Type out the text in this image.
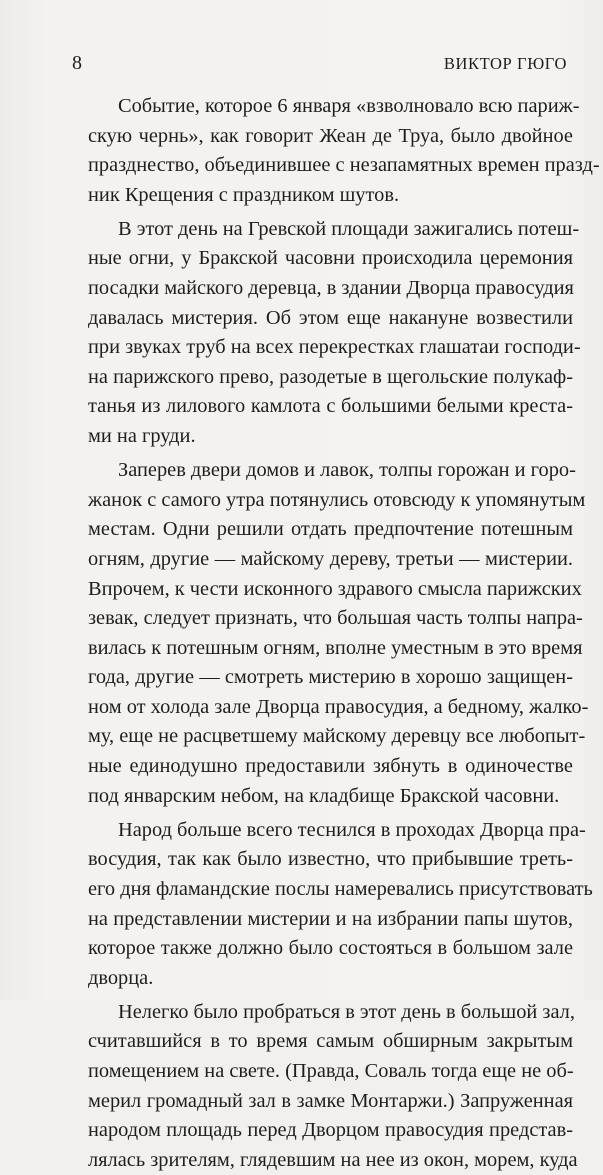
8	ВИКТОР ГЮГО

Событие, которое 6 января «взволновало всю париж-
скую чернь», как говорит Жеан де Труа, было двойное
празднество, объединившее с незапамятных времен празд-
ник Крещения с праздником шутов.

В этот день на Гревской площади зажигались потеш-
ные огни, у Бракской часовни происходила церемония
посадки майского деревца, в здании Дворца правосудия
давалась мистерия. Об этом еще накануне возвестили
при звуках труб на всех перекрестках глашатаи господи-
на парижского прево, разодетые в щегольские полукаф-
танья из лилового камлота с большими белыми креста-
ми на груди.

Заперев двери домов и лавок, толпы горожан и горо-
жанок с самого утра потянулись отовсюду к упомянутым
местам. Одни решили отдать предпочтение потешным
огням, другие — майскому дереву, третьи — мистерии.
Впрочем, к чести исконного здравого смысла парижских
зевак, следует признать, что большая часть толпы напра-
вилась к потешным огням, вполне уместным в это время
года, другие — смотреть мистерию в хорошо защищен-
ном от холода зале Дворца правосудия, а бедному, жалко-
му, еще не расцветшему майскому деревцу все любопыт-
ные единодушно предоставили зябнуть в одиночестве
под январским небом, на кладбище Бракской часовни.

Народ больше всего теснился в проходах Дворца пра-
восудия, так как было известно, что прибывшие треть-
его дня фламандские послы намеревались присутствовать
на представлении мистерии и на избрании папы шутов,
которое также должно было состояться в большом зале
дворца.

Нелегко было пробраться в этот день в большой зал,
считавшийся в то время самым обширным закрытым
помещением на свете. (Правда, Соваль тогда еще не об-
мерил громадный зал в замке Монтаржи.) Запруженная
народом площадь перед Дворцом правосудия представ-
лялась зрителям, глядевшим на нее из окон, морем, куда
